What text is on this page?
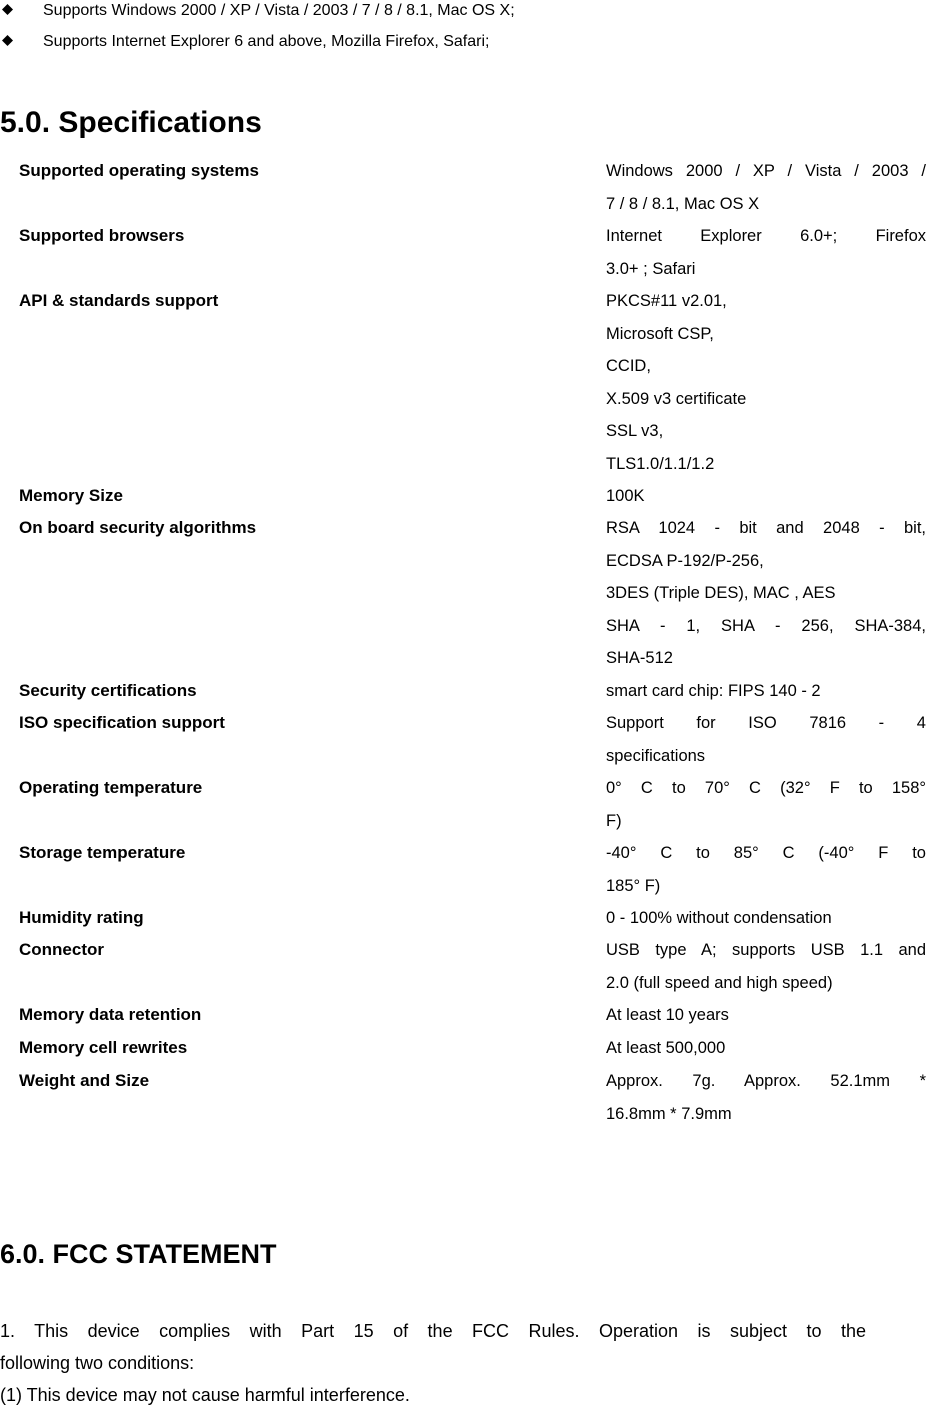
Supports Windows 2000 / XP / Vista / 2003 / 7 / 8 / 8.1, Mac OS X;
Supports Internet Explorer 6 and above, Mozilla Firefox, Safari;
5.0. Specifications
Supported operating systems	Windows 2000 / XP / Vista / 2003 /
7 / 8 / 8.1, Mac OS X
Supported browsers	Internet Explorer 6.0+; Firefox
3.0+ ; Safari
API & standards support	PKCS#11 v2.01,
Microsoft CSP,
CCID,
X.509 v3 certificate
SSL v3,
TLS1.0/1.1/1.2
Memory Size	100K
On board security algorithms	RSA 1024 - bit and 2048 - bit,
ECDSA P-192/P-256,
3DES (Triple DES), MAC , AES
SHA - 1, SHA - 256, SHA-384,
SHA-512
Security certifications	smart card chip: FIPS 140 - 2
ISO specification support	Support for ISO 7816 - 4
specifications
Operating temperature	0° C to 70° C (32° F to 158°
F)
Storage temperature	-40° C to 85° C (-40° F to
185° F)
Humidity rating	0 - 100% without condensation
Connector	USB type A; supports USB 1.1 and
2.0 (full speed and high speed)
Memory data retention	At least 10 years
Memory cell rewrites	At least 500,000
Weight and Size	Approx. 7g. Approx. 52.1mm *
16.8mm * 7.9mm
6.0. FCC STATEMENT
1. This device complies with Part 15 of the FCC Rules. Operation is subject to the
following two conditions:
(1) This device may not cause harmful interference.
